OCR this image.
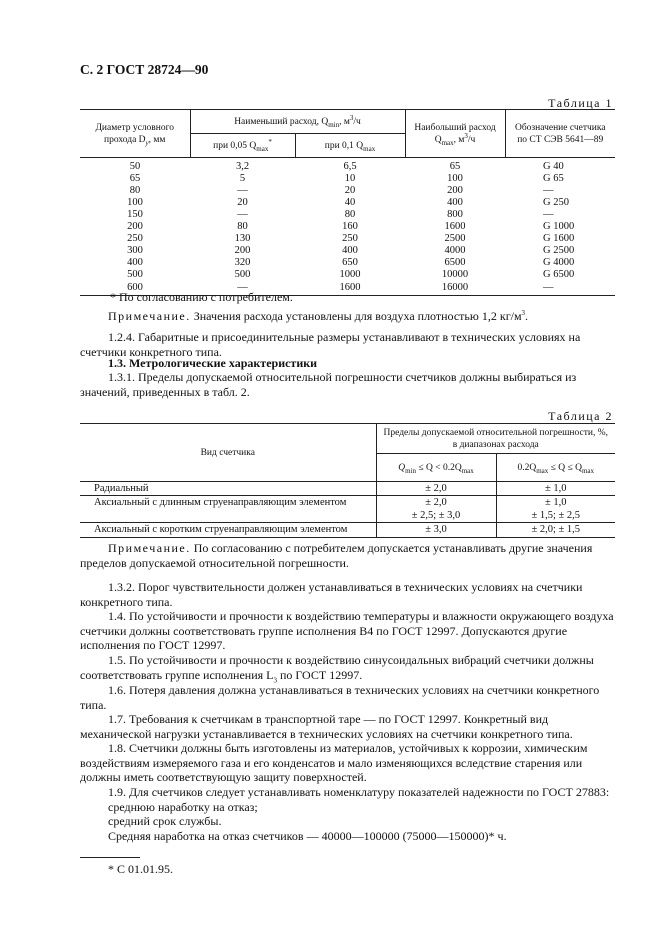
С. 2 ГОСТ 28724—90
Таблица 1
Диаметр условного прохода $D_у$, мм	Наименьший расход, $Q_{min}$, $м^3/ч$		Наибольший расход $Q_{max}$, $м^3/ч$	Обозначение счетчика по СТ СЭВ 5641—89
	при 0,05 $Q_{max}^*$	при 0,1 $Q_{max}$
50	3,2	6,5	65	G 40
65	5	10	100	G 65
80	—	20	200	—
100	20	40	400	G 250
150	—	80	800	—
200	80	160	1600	G 1000
250	130	250	2500	G 1600
300	200	400	4000	G 2500
400	320	650	6500	G 4000
500	500	1000	10000	G 6500
600	—	1600	16000	—

* По согласованию с потребителем.

Примечание. Значения расхода установлены для воздуха плотностью 1,2 $кг/м^3$.

1.2.4. Габаритные и присоединительные размеры устанавливают в технических условиях на счетчики конкретного типа.

1.3. Метрологические характеристики

1.3.1. Пределы допускаемой относительной погрешности счетчиков должны выбираться из значений, приведенных в табл. 2.

Таблица 2
Вид счетчика	Пределы допускаемой относительной погрешности, %, в диапазонах расхода	
	$Q_{min} \le Q < 0.2Q_{max}$	$0.2Q_{max} \le Q \le Q_{max}$
Радиальный	± 2,0	± 1,0
Аксиальный с длинным струенаправляющим элементом	± 2,0	± 1,0
	± 2,5; ± 3,0	± 1,5; ± 2,5
Аксиальный с коротким струенаправляющим элементом	± 3,0	± 2,0; ± 1,5

Примечание. По согласованию с потребителем допускается устанавливать другие значения пределов допускаемой относительной погрешности.

1.3.2. Порог чувствительности должен устанавливаться в технических условиях на счетчики конкретного типа.

1.4. По устойчивости и прочности к воздействию температуры и влажности окружающего воздуха счетчики должны соответствовать группе исполнения В4 по ГОСТ 12997. Допускаются другие исполнения по ГОСТ 12997.

1.5. По устойчивости и прочности к воздействию синусоидальных вибраций счетчики должны соответствовать группе исполнения $L_3$ по ГОСТ 12997.

1.6. Потеря давления должна устанавливаться в технических условиях на счетчики конкретного типа.

1.7. Требования к счетчикам в транспортной таре — по ГОСТ 12997. Конкретный вид механической нагрузки устанавливается в технических условиях на счетчики конкретного типа.

1.8. Счетчики должны быть изготовлены из материалов, устойчивых к коррозии, химическим воздействиям измеряемого газа и его конденсатов и мало изменяющихся вследствие старения или должны иметь соответствующую защиту поверхностей.

1.9. Для счетчиков следует устанавливать номенклатуру показателей надежности по ГОСТ 27883:

среднюю наработку на отказ;

средний срок службы.

Средняя наработка на отказ счетчиков — 40000—100000 (75000—150000)* ч.

* С 01.01.95.
